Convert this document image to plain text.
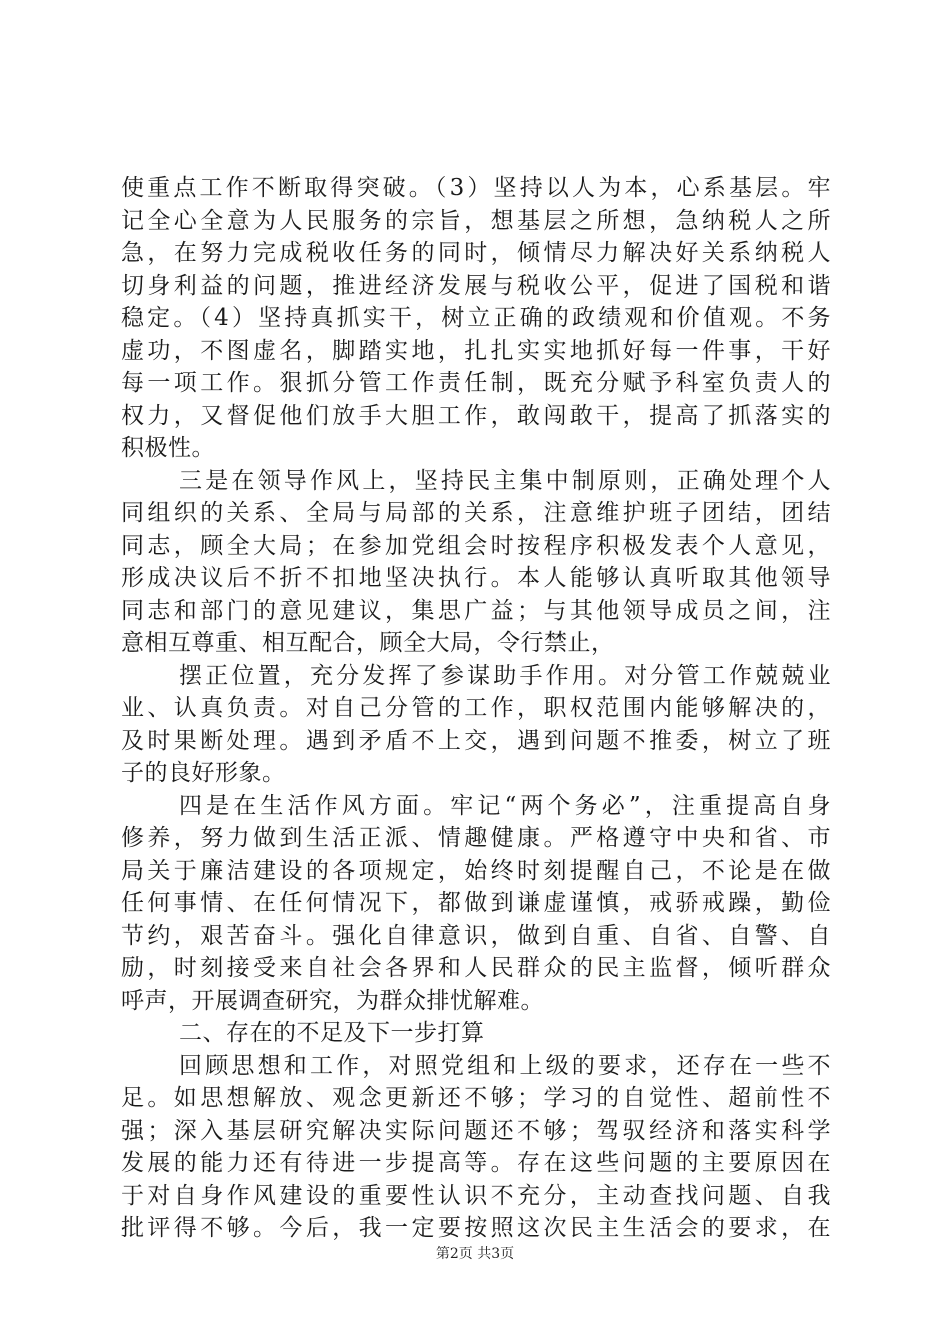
使重点工作不断取得突破。（3）坚持以人为本，心系基层。牢
记全心全意为人民服务的宗旨，想基层之所想，急纳税人之所
急，在努力完成税收任务的同时，倾情尽力解决好关系纳税人
切身利益的问题，推进经济发展与税收公平，促进了国税和谐
稳定。（4）坚持真抓实干，树立正确的政绩观和价值观。不务
虚功，不图虚名，脚踏实地，扎扎实实地抓好每一件事，干好
每一项工作。狠抓分管工作责任制，既充分赋予科室负责人的
权力，又督促他们放手大胆工作，敢闯敢干，提高了抓落实的
积极性。
三是在领导作风上，坚持民主集中制原则，正确处理个人
同组织的关系、全局与局部的关系，注意维护班子团结，团结
同志，顾全大局；在参加党组会时按程序积极发表个人意见，
形成决议后不折不扣地坚决执行。本人能够认真听取其他领导
同志和部门的意见建议，集思广益；与其他领导成员之间，注
意相互尊重、相互配合，顾全大局，令行禁止，
摆正位置，充分发挥了参谋助手作用。对分管工作兢兢业
业、认真负责。对自己分管的工作，职权范围内能够解决的，
及时果断处理。遇到矛盾不上交，遇到问题不推委，树立了班
子的良好形象。
四是在生活作风方面。牢记“两个务必”，注重提高自身
修养，努力做到生活正派、情趣健康。严格遵守中央和省、市
局关于廉洁建设的各项规定，始终时刻提醒自己，不论是在做
任何事情、在任何情况下，都做到谦虚谨慎，戒骄戒躁，勤俭
节约，艰苦奋斗。强化自律意识，做到自重、自省、自警、自
励，时刻接受来自社会各界和人民群众的民主监督，倾听群众
呼声，开展调查研究，为群众排忧解难。
二、存在的不足及下一步打算
回顾思想和工作，对照党组和上级的要求，还存在一些不
足。如思想解放、观念更新还不够；学习的自觉性、超前性不
强；深入基层研究解决实际问题还不够；驾驭经济和落实科学
发展的能力还有待进一步提高等。存在这些问题的主要原因在
于对自身作风建设的重要性认识不充分，主动查找问题、自我
批评得不够。今后，我一定要按照这次民主生活会的要求，在
第2页 共3页
